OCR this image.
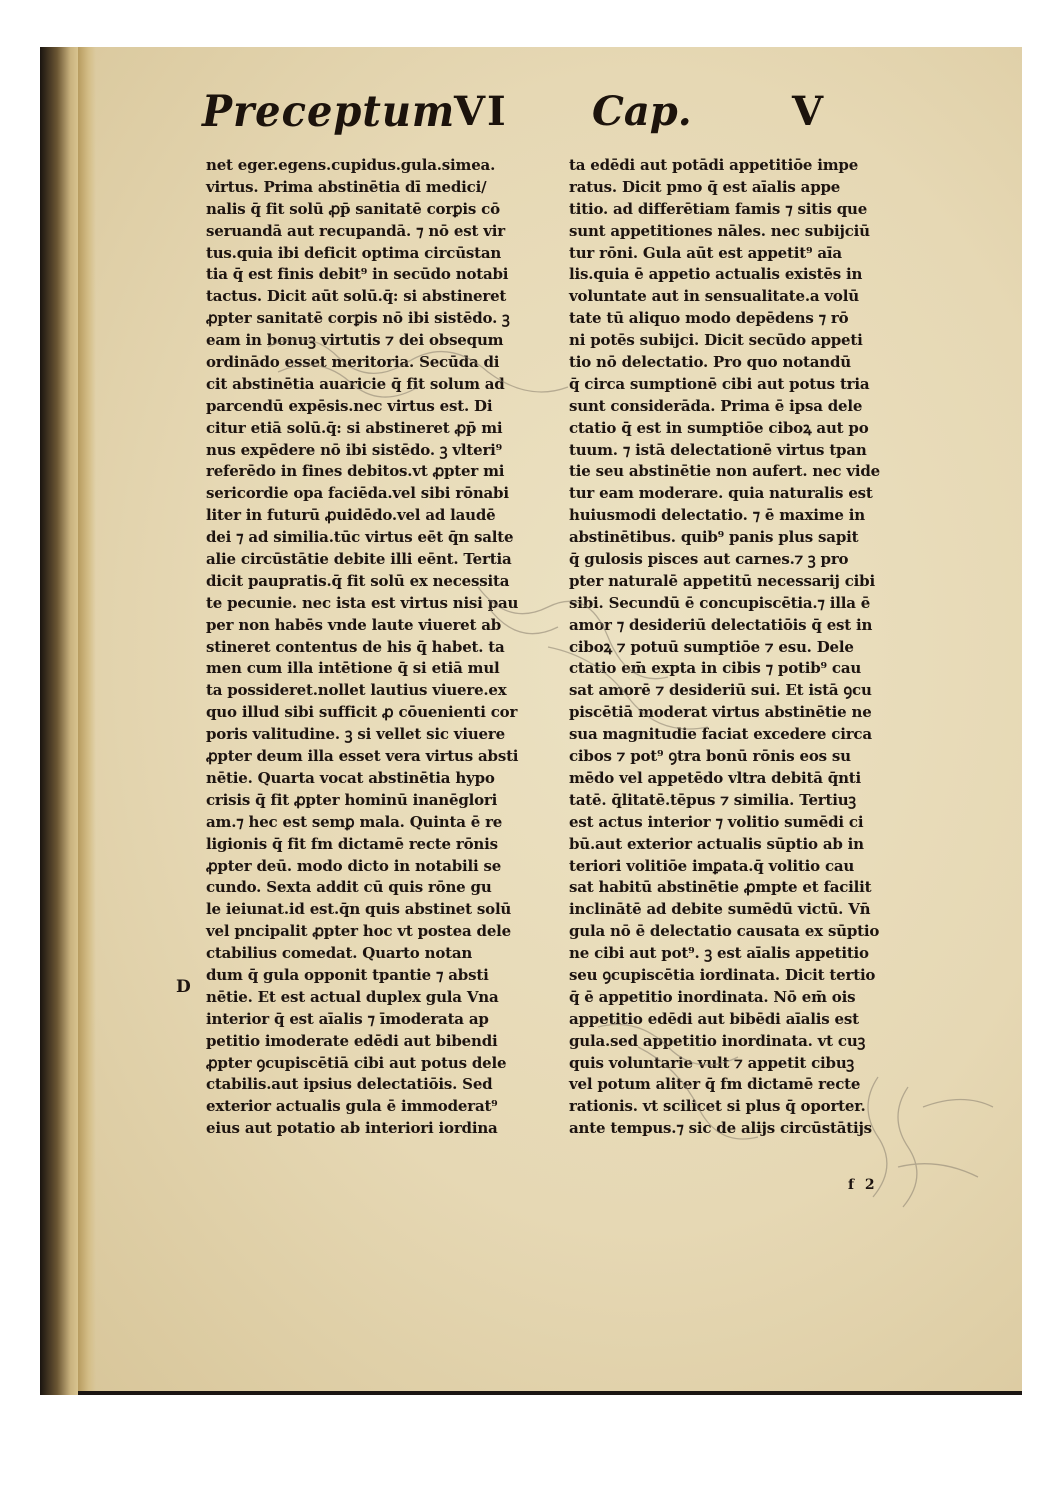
Preceptum
VI Cap.	V
net eger.egens.cupidus.gula.simea.
virtus. Prima abstinētia dī medici/
nalis q̄ fit solū ꝓp̄ sanitatē corꝑis cō
seruandā aut recupandā. ⁊ nō est vir
tus.quia ibi deficit optima circūstan
tia q̄ est finis debit⁹ in secūdo notabi
tactus. Dicit aūt solū.q̄: si abstineret
ꝓpter sanitatē corꝑis nō ibi sistēdo. ꝫ
eam in bonuꝫ virtutis ⁊ dei obsequm
ordinādo esset meritoria. Secūda di
cit abstinētia auaricie q̄ fit solum ad
parcendū expēsis.nec virtus est. Di
citur etiā solū.q̄: si abstineret ꝓp̄ mi
nus expēdere nō ibi sistēdo. ꝫ vlteri⁹
referēdo in fines debitos.vt ꝓpter mi
sericordie opa faciēda.vel sibi rōnabi
liter in futurū ꝓuidēdo.vel ad laudē
dei ⁊ ad similia.tūc virtus eēt q̄n salte
alie circūstātie debite illi eēnt. Tertia
dicit paupratis.q̄ fit solū ex necessita
te pecunie. nec ista est virtus nisi pau
per non habēs vnde laute viueret ab
stineret contentus de his q̄ habet. ta
men cum illa intētione q̄ si etiā mul
ta possideret.nollet lautius viuere.ex
quo illud sibi sufficit ꝓ cōuenienti cor
poris valitudine. ꝫ si vellet sic viuere
ꝓpter deum illa esset vera virtus absti
nētie. Quarta vocat abstinētia hypo
crisis q̄ fit ꝓpter hominū inanēglori
am.⁊ hec est semꝑ mala. Quinta ē re
ligionis q̄ fit fm dictamē recte rōnis
ꝓpter deū. modo dicto in notabili se
cundo. Sexta addit cū quis rōne gu
le ieiunat.id est.q̄n quis abstinet solū
vel pncipalit ꝓpter hoc vt postea dele
ctabilius comedat. Quarto notan
dum q̄ gula opponit tpantie ⁊ absti
nētie. Et est actual duplex gula Vna
interior q̄ est aīalis ⁊ īmoderata ap
petitio imoderate edēdi aut bibendi
ꝓpter ꝯcupiscētiā cibi aut potus dele
ctabilis.aut ipsius delectatiōis. Sed
exterior actualis gula ē immoderat⁹
eius aut potatio ab interiori iordina
ta edēdi aut potādi appetitiōe impe
ratus. Dicit pmo q̄ est aīalis appe
titio. ad differētiam famis ⁊ sitis que
sunt appetitiones nāles. nec subijciū
tur rōni. Gula aūt est appetit⁹ aīa
lis.quia ē appetio actualis existēs in
voluntate aut in sensualitate.a volū
tate tū aliquo modo depēdens ⁊ rō
ni potēs subijci. Dicit secūdo appeti
tio nō delectatio. Pro quo notandū
q̄ circa sumptionē cibi aut potus tria
sunt considerāda. Prima ē ipsa dele
ctatio q̄ est in sumptiōe ciboꝝ aut po
tuum. ⁊ istā delectationē virtus tpan
tie seu abstinētie non aufert. nec vide
tur eam moderare. quia naturalis est
huiusmodi delectatio. ⁊ ē maxime in
abstinētibus. quib⁹ panis plus sapit
q̄ gulosis pisces aut carnes.⁊ ꝫ pro
pter naturalē appetitū necessarij cibi
sibi. Secundū ē concupiscētia.⁊ illa ē
amor ⁊ desideriū delectatiōis q̄ est in
ciboꝝ ⁊ potuū sumptiōe ⁊ esu. Dele
ctatio em̄ expta in cibis ⁊ potib⁹ cau
sat amorē ⁊ desideriū sui. Et istā ꝯcu
piscētiā moderat virtus abstinētie ne
sua magnitudie faciat excedere circa
cibos ⁊ pot⁹ ꝯtra bonū rōnis eos su
mēdo vel appetēdo vltra debitā q̄nti
tatē. q̄litatē.tēpus ⁊ similia. Tertiuꝫ
est actus interior ⁊ volitio sumēdi ci
bū.aut exterior actualis sūptio ab in
teriori volitiōe imꝑata.q̄ volitio cau
sat habitū abstinētie ꝓmpte et facilit
inclinātē ad debite sumēdū victū. Vn̄
gula nō ē delectatio causata ex sūptio
ne cibi aut pot⁹. ꝫ est aīalis appetitio
seu ꝯcupiscētia iordinata. Dicit tertio
q̄ ē appetitio inordinata. Nō em̄ ois
appetitio edēdi aut bibēdi aīalis est
gula.sed appetitio inordinata. vt cuꝫ
quis voluntarie vult ⁊ appetit cibuꝫ
vel potum aliter q̄ fm dictamē recte
rationis. vt scilicet si plus q̄ oporter.
ante tempus.⁊ sic de alijs circūstātijs
D
f 2
